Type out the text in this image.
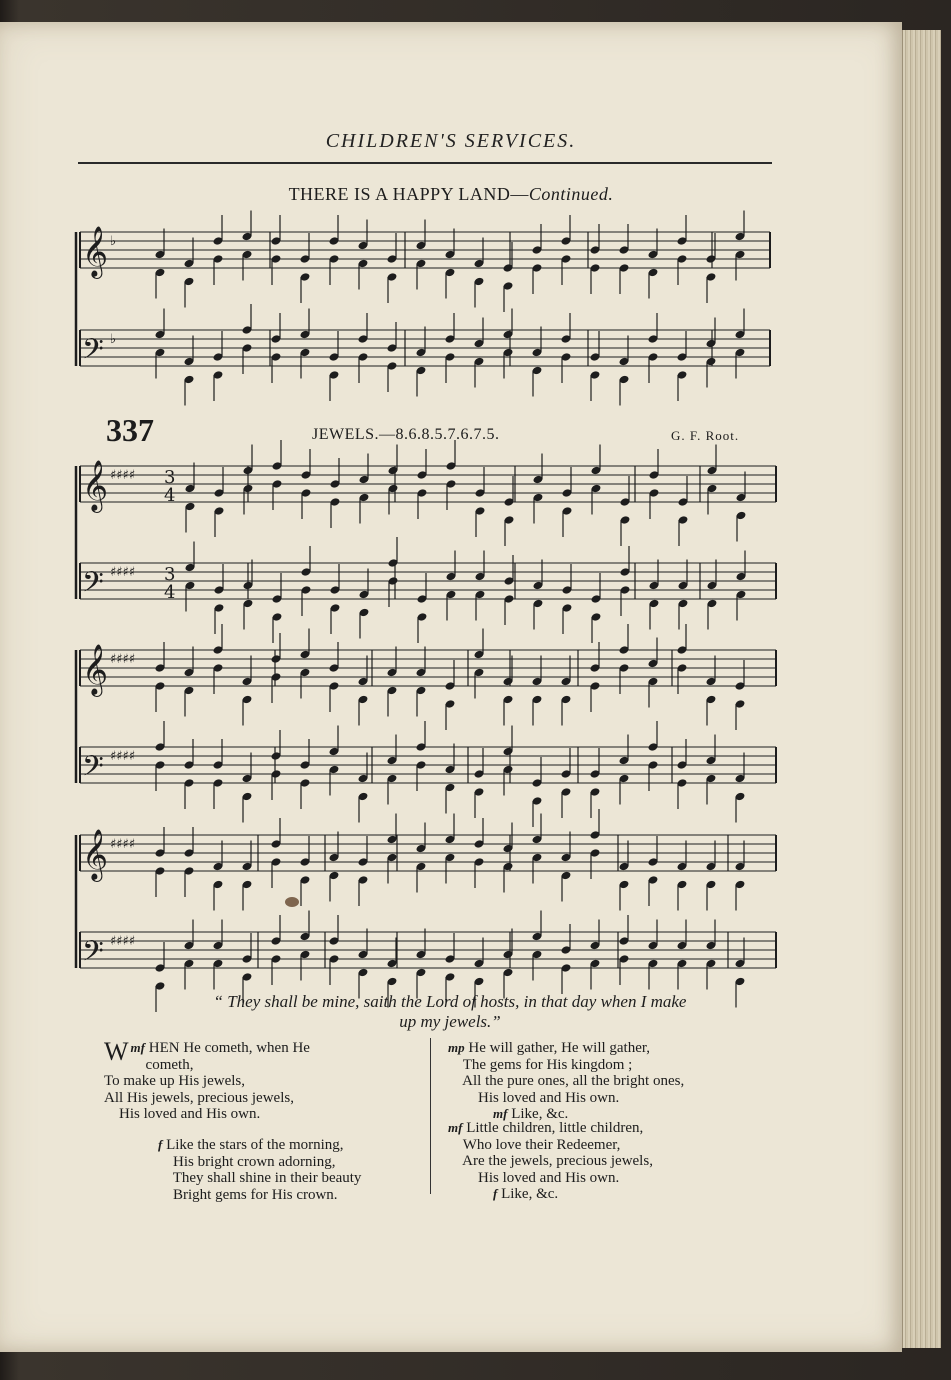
CHILDREN'S SERVICES.
THERE IS A HAPPY LAND—Continued.
337	JEWELS.—8.6.8.5.7.6.7.5.	G. F. Root.
𝄞 ♭
𝄢 ♭
𝄞 ♯♯♯♯ 3
4
𝄢 ♯♯♯♯ 3
4
𝄞 ♯♯♯♯
𝄢 ♯♯♯♯
𝄞 ♯♯♯♯
𝄢 ♯♯♯♯
“ They shall be mine, saith the Lord of hosts, in that day when I make
up my jewels.”
mf
W HEN He cometh, when He
cometh,
To make up His jewels,
All His jewels, precious jewels,
His loved and His own.
f Like the stars of the morning,
His bright crown adorning,
They shall shine in their beauty
Bright gems for His crown.
mp He will gather, He will gather,
The gems for His kingdom ;
All the pure ones, all the bright ones,
His loved and His own.
mf Like, &c.
mf Little children, little children,
Who love their Redeemer,
Are the jewels, precious jewels,
His loved and His own.
f Like, &c.
